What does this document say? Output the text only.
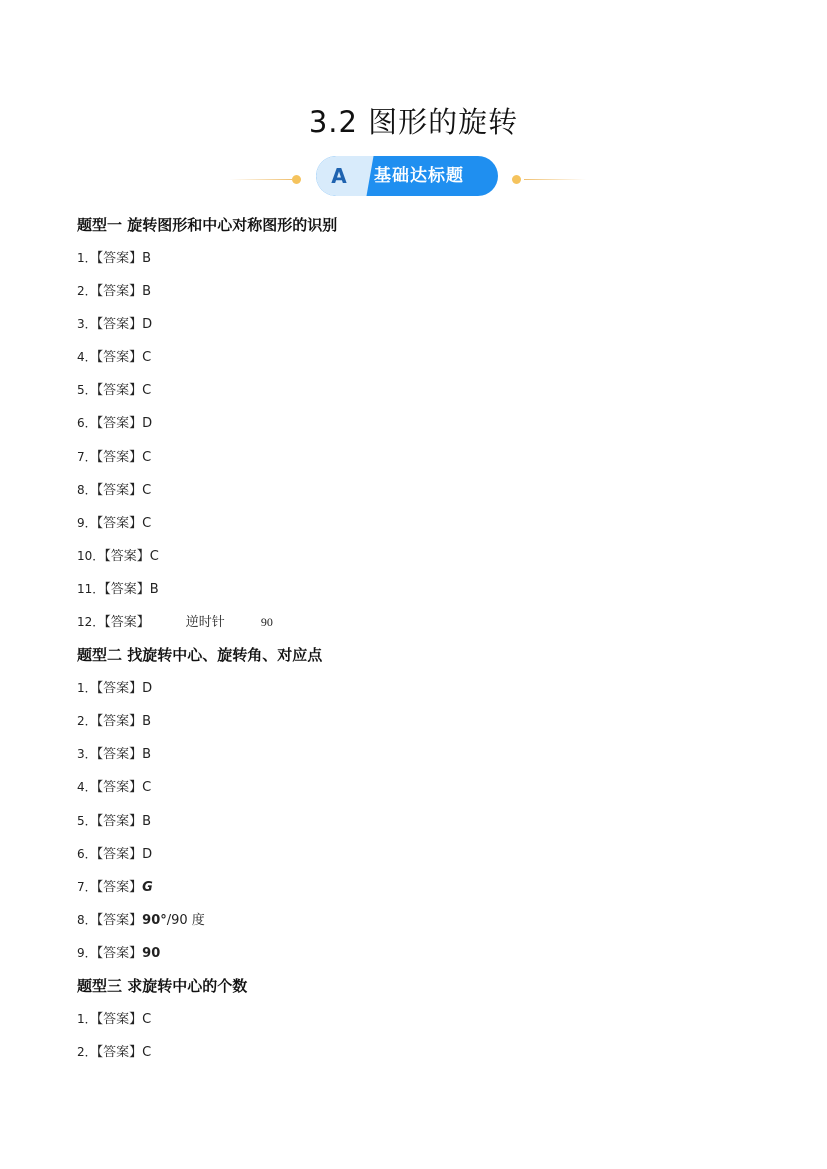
3.2 图形的旋转
A	基础达标题
题型一 旋转图形和中心对称图形的识别
1．【答案】B
2．【答案】B
3．【答案】D
4．【答案】C
5．【答案】C
6．【答案】D
7．【答案】C
8．【答案】C
9．【答案】C
10．【答案】C
11．【答案】B
12．【答案】	逆时针	90
题型二 找旋转中心、旋转角、对应点
1．【答案】D
2．【答案】B
3．【答案】B
4．【答案】C
5．【答案】B
6．【答案】D
7．【答案】G
8．【答案】90°/90 度
9．【答案】90
题型三 求旋转中心的个数
1．【答案】C
2．【答案】C
